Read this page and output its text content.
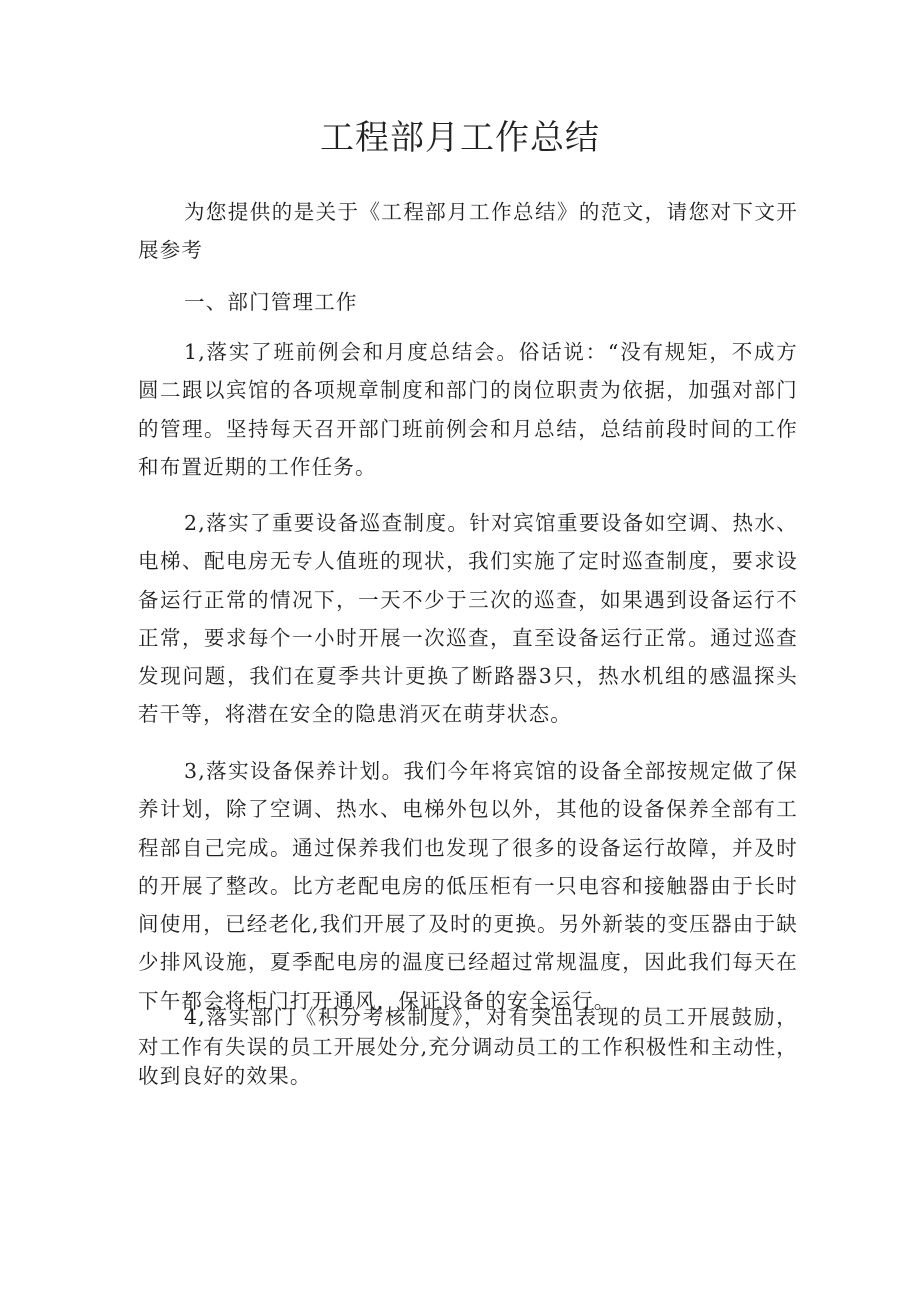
工程部月工作总结

为您提供的是关于《工程部月工作总结》的范文，请您对下文开展参考

一、部门管理工作

1,落实了班前例会和月度总结会。俗话说：“没有规矩，不成方圆二跟以宾馆的各项规章制度和部门的岗位职责为依据，加强对部门的管理。坚持每天召开部门班前例会和月总结，总结前段时间的工作和布置近期的工作任务。

2,落实了重要设备巡查制度。针对宾馆重要设备如空调、热水、电梯、配电房无专人值班的现状，我们实施了定时巡查制度，要求设备运行正常的情况下，一天不少于三次的巡查，如果遇到设备运行不正常，要求每个一小时开展一次巡查，直至设备运行正常。通过巡查发现问题，我们在夏季共计更换了断路器3只，热水机组的感温探头若干等，将潜在安全的隐患消灭在萌芽状态。

3,落实设备保养计划。我们今年将宾馆的设备全部按规定做了保养计划，除了空调、热水、电梯外包以外，其他的设备保养全部有工程部自己完成。通过保养我们也发现了很多的设备运行故障，并及时的开展了整改。比方老配电房的低压柜有一只电容和接触器由于长时间使用，已经老化,我们开展了及时的更换。另外新装的变压器由于缺少排风设施，夏季配电房的温度已经超过常规温度，因此我们每天在下午都会将柜门打开通风，保证设备的安全运行。

4,落实部门《积分考核制度》，对有突出表现的员工开展鼓励，对工作有失误的员工开展处分,充分调动员工的工作积极性和主动性，收到良好的效果。
